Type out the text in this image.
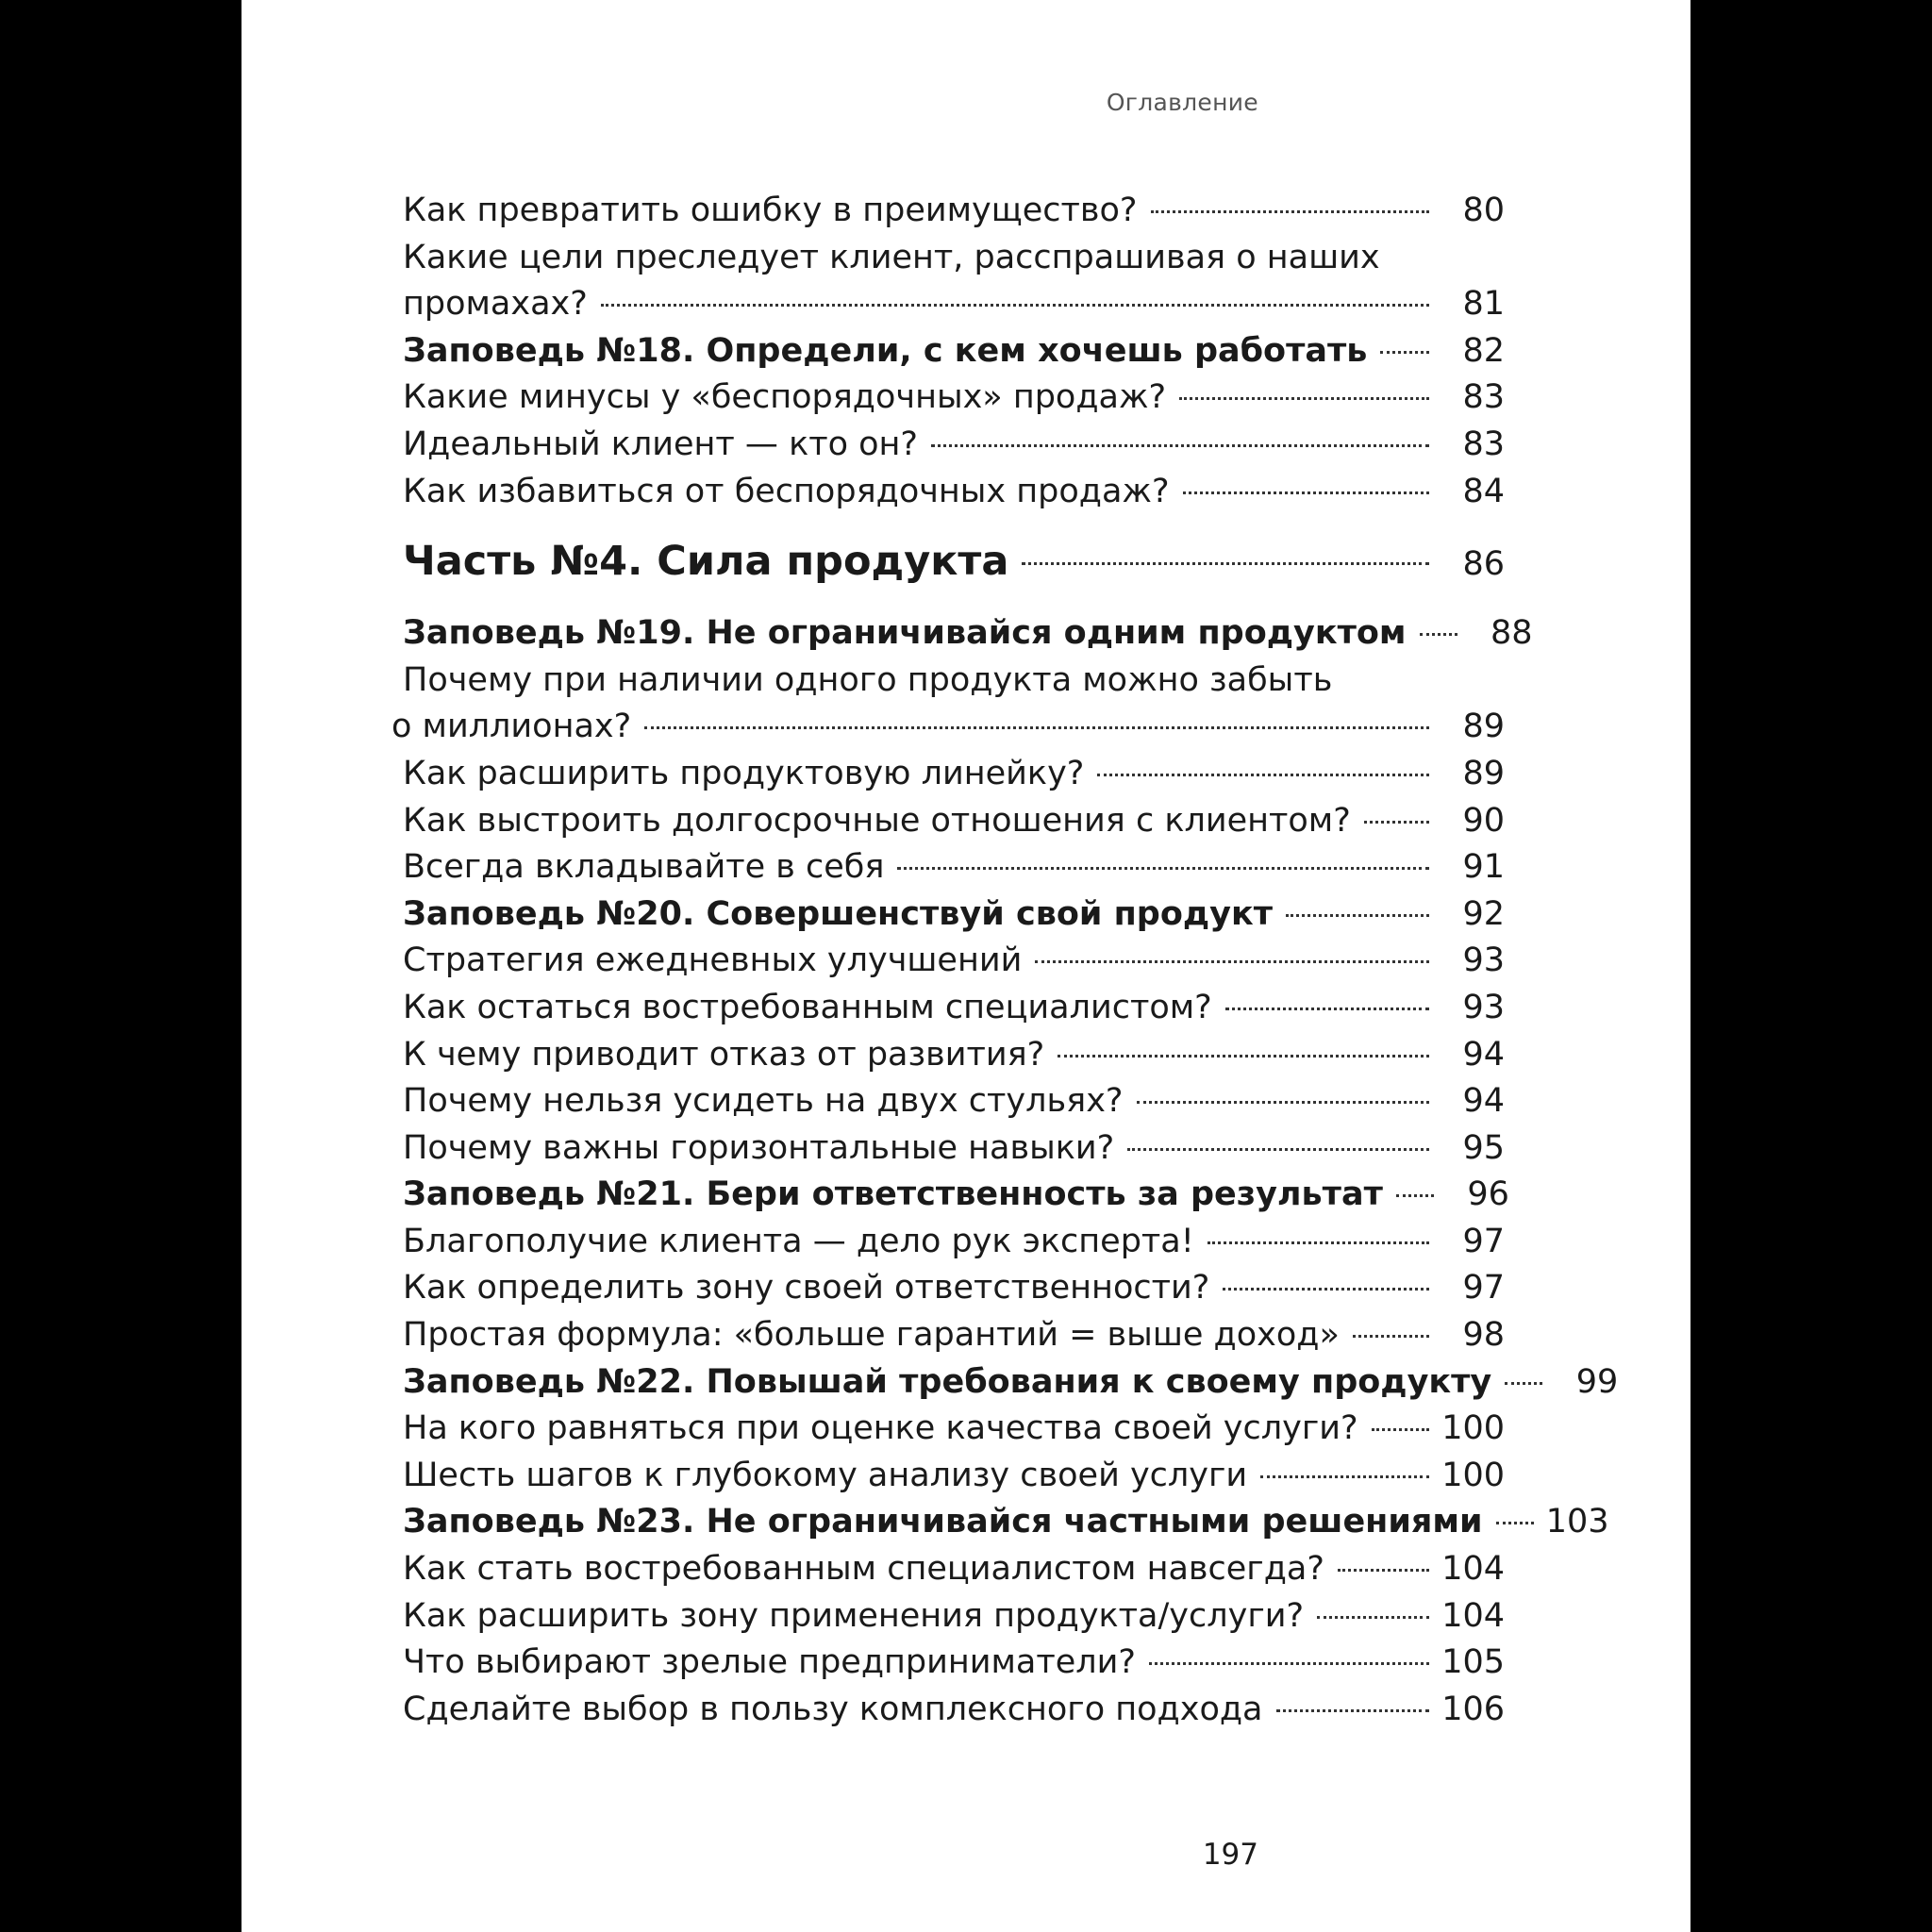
Оглавление
Как превратить ошибку в преимущество?	80
Какие цели преследует клиент, расспрашивая о наших
промахах?	81
Заповедь №18. Определи, с кем хочешь работать	82
Какие минусы у «беспорядочных» продаж?	83
Идеальный клиент — кто он?	83
Как избавиться от беспорядочных продаж?	84
Часть №4. Сила продукта	86
Заповедь №19. Не ограничивайся одним продуктом	88
Почему при наличии одного продукта можно забыть
о миллионах?	89
Как расширить продуктовую линейку?	89
Как выстроить долгосрочные отношения с клиентом?	90
Всегда вкладывайте в себя	91
Заповедь №20. Совершенствуй свой продукт	92
Стратегия ежедневных улучшений	93
Как остаться востребованным специалистом?	93
К чему приводит отказ от развития?	94
Почему нельзя усидеть на двух стульях?	94
Почему важны горизонтальные навыки?	95
Заповедь №21. Бери ответственность за результат	96
Благополучие клиента — дело рук эксперта!	97
Как определить зону своей ответственности?	97
Простая формула: «больше гарантий = выше доход»	98
Заповедь №22. Повышай требования к своему продукту	99
На кого равняться при оценке качества своей услуги?	100
Шесть шагов к глубокому анализу своей услуги	100
Заповедь №23. Не ограничивайся частными решениями 103
Как стать востребованным специалистом навсегда?	104
Как расширить зону применения продукта/услуги?	104
Что выбирают зрелые предприниматели?	105
Сделайте выбор в пользу комплексного подхода	106
197
